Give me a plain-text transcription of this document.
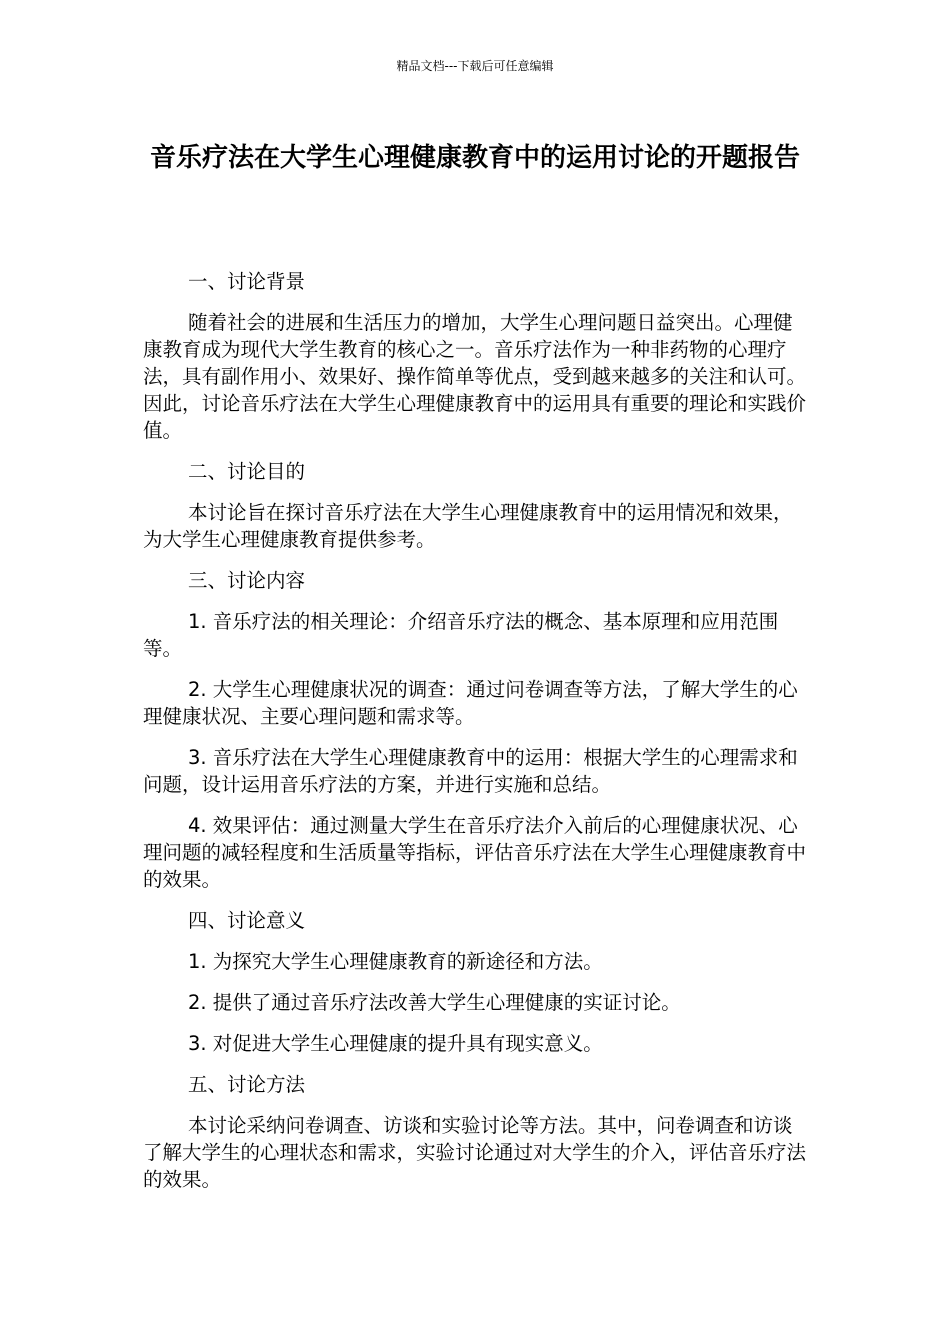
精品文档---下载后可任意编辑
音乐疗法在大学生心理健康教育中的运用讨论的开题报告

一、讨论背景

随着社会的进展和生活压力的增加，大学生心理问题日益突出。心理健康教育成为现代大学生教育的核心之一。音乐疗法作为一种非药物的心理疗法，具有副作用小、效果好、操作简单等优点，受到越来越多的关注和认可。因此，讨论音乐疗法在大学生心理健康教育中的运用具有重要的理论和实践价值。

二、讨论目的

本讨论旨在探讨音乐疗法在大学生心理健康教育中的运用情况和效果，为大学生心理健康教育提供参考。

三、讨论内容

1. 音乐疗法的相关理论：介绍音乐疗法的概念、基本原理和应用范围等。

2. 大学生心理健康状况的调查：通过问卷调查等方法，了解大学生的心理健康状况、主要心理问题和需求等。

3. 音乐疗法在大学生心理健康教育中的运用：根据大学生的心理需求和问题，设计运用音乐疗法的方案，并进行实施和总结。

4. 效果评估：通过测量大学生在音乐疗法介入前后的心理健康状况、心理问题的减轻程度和生活质量等指标，评估音乐疗法在大学生心理健康教育中的效果。

四、讨论意义

1. 为探究大学生心理健康教育的新途径和方法。

2. 提供了通过音乐疗法改善大学生心理健康的实证讨论。

3. 对促进大学生心理健康的提升具有现实意义。

五、讨论方法

本讨论采纳问卷调查、访谈和实验讨论等方法。其中，问卷调查和访谈了解大学生的心理状态和需求，实验讨论通过对大学生的介入，评估音乐疗法的效果。
